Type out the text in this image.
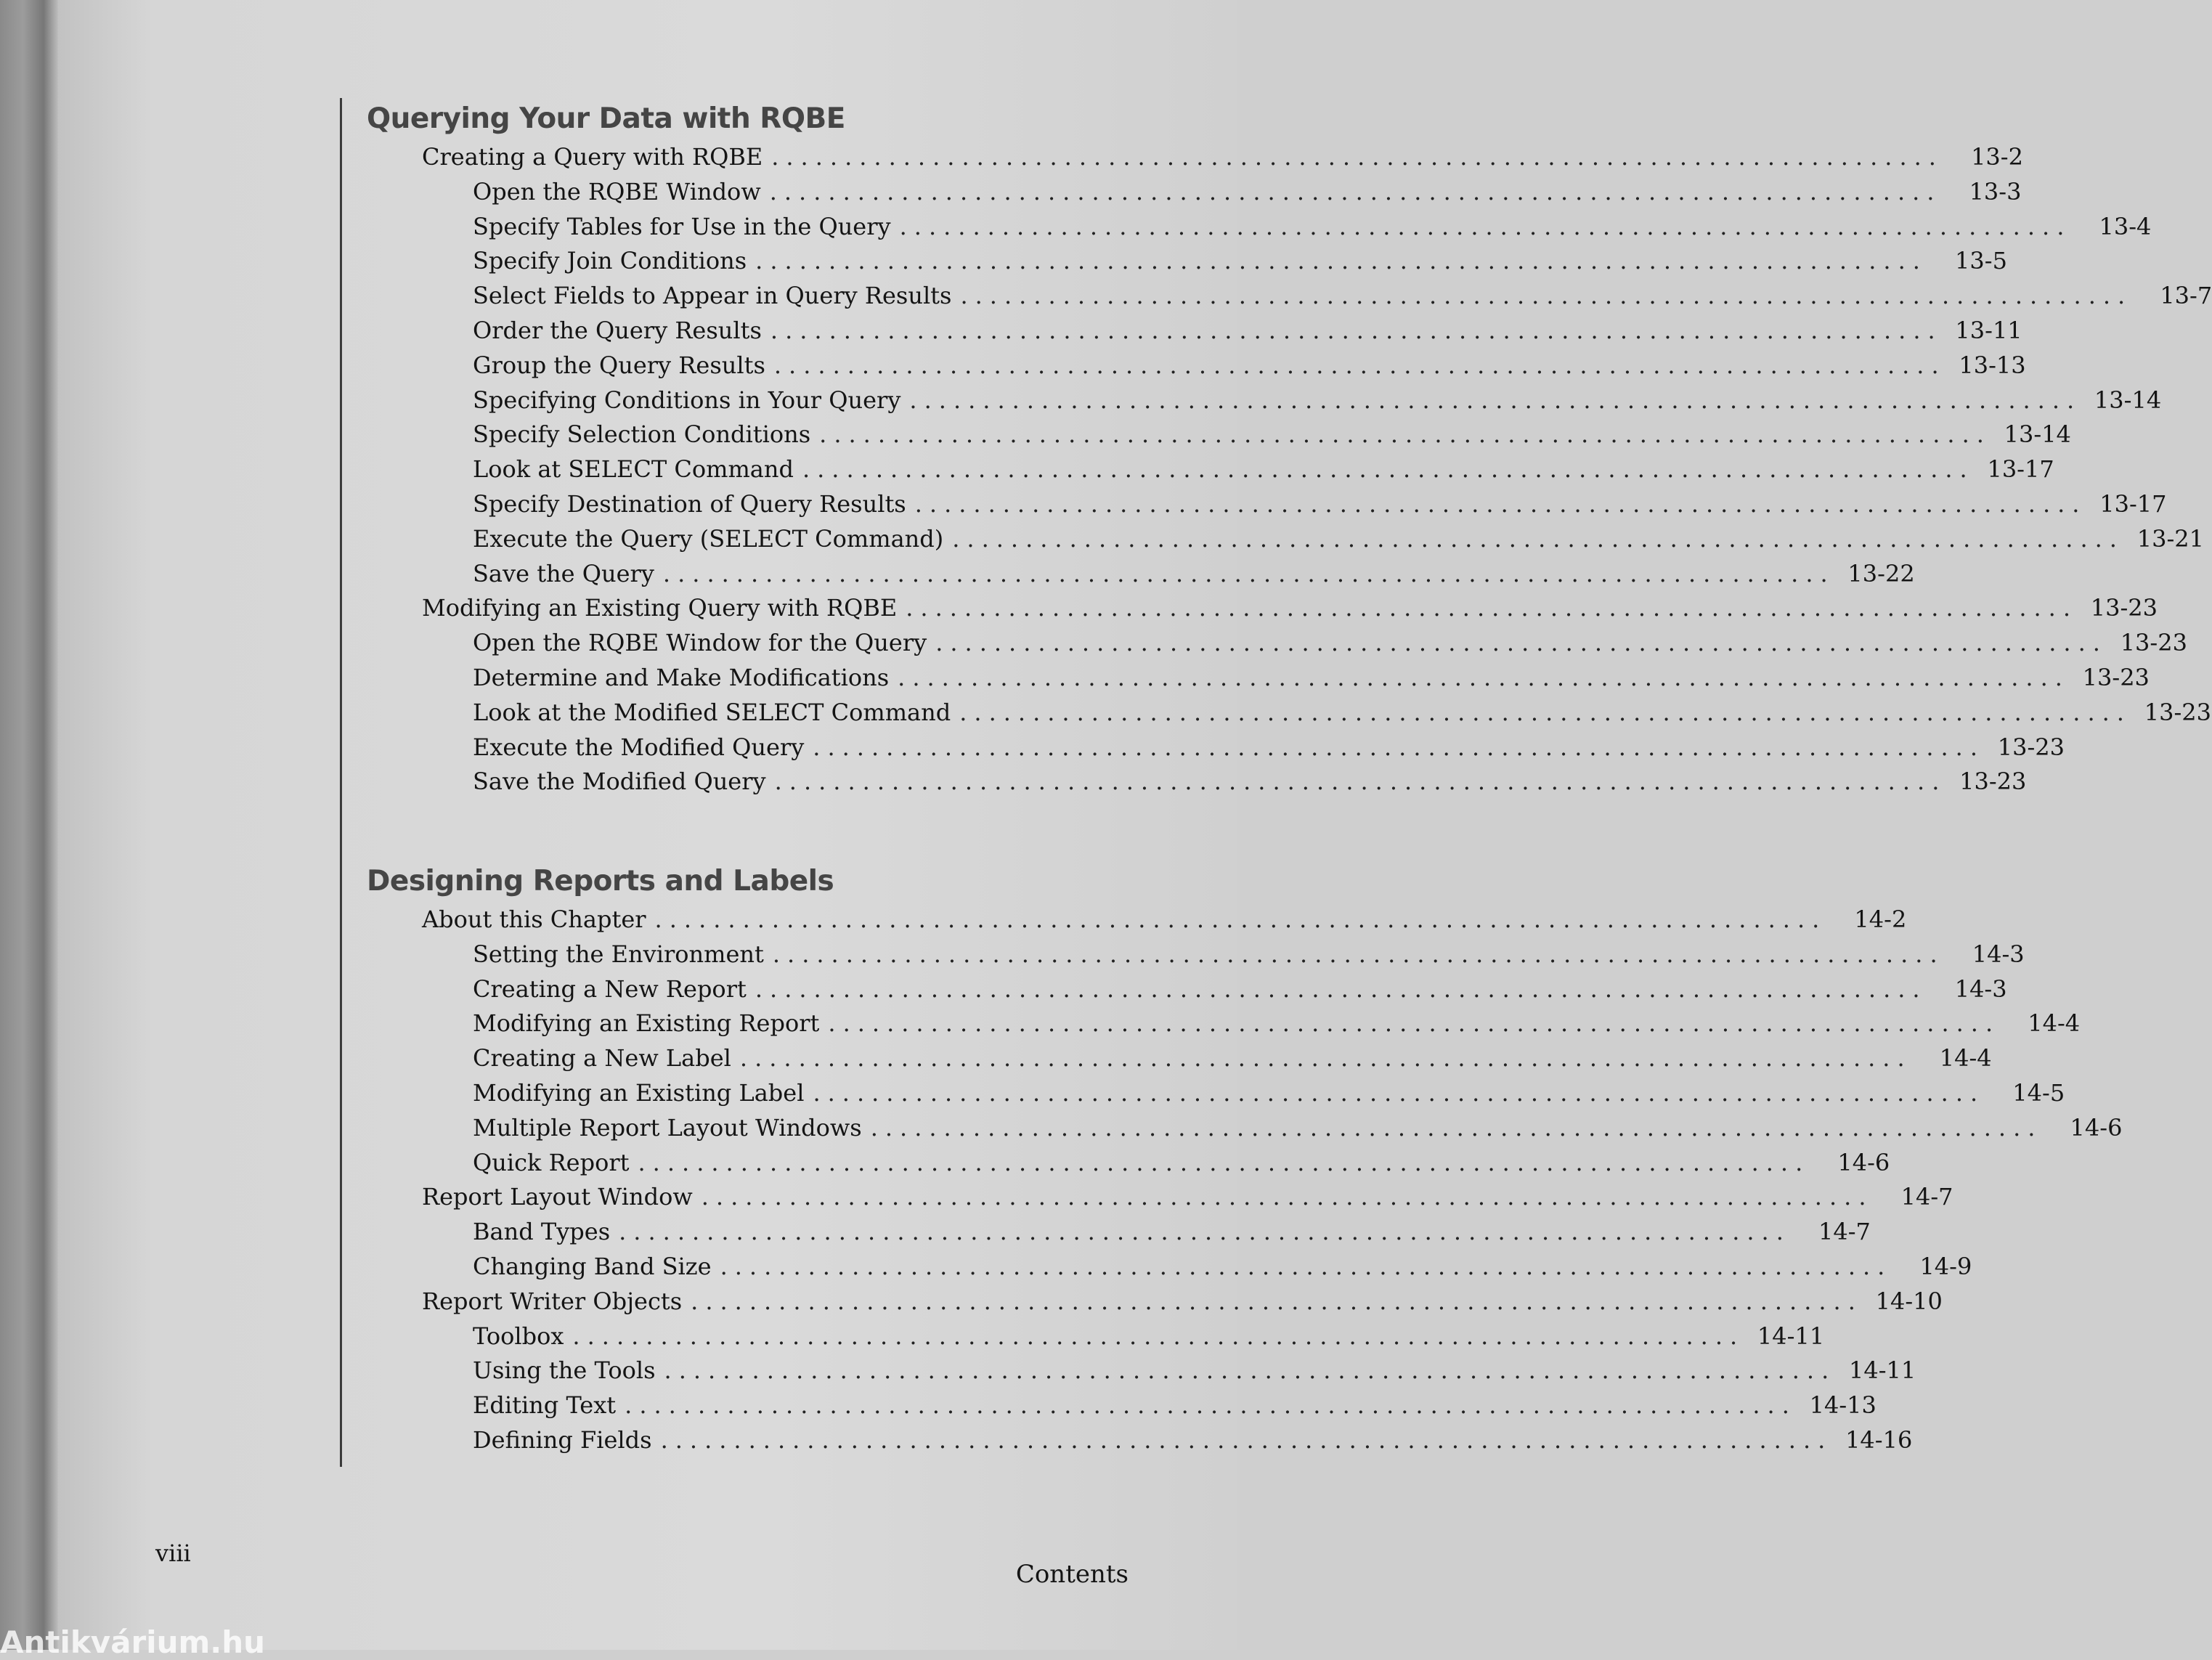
Querying Your Data with RQBE
Creating a Query with RQBE ................................................................................	13-2
Open the RQBE Window ................................................................................	13-3
Specify Tables for Use in the Query ................................................................................	13-4
Specify Join Conditions ................................................................................	13-5
Select Fields to Appear in Query Results ................................................................................	13-7
Order the Query Results ................................................................................ 13-11
Group the Query Results ................................................................................ 13-13
Specifying Conditions in Your Query ................................................................................ 13-14
Specify Selection Conditions ................................................................................ 13-14
Look at SELECT Command ................................................................................ 13-17
Specify Destination of Query Results ................................................................................ 13-17
Execute the Query (SELECT Command) ................................................................................ 13-21
Save the Query ................................................................................ 13-22
Modifying an Existing Query with RQBE ................................................................................ 13-23
Open the RQBE Window for the Query ................................................................................ 13-23
Determine and Make Modifications ................................................................................ 13-23
Look at the Modified SELECT Command ................................................................................ 13-23
Execute the Modified Query ................................................................................ 13-23
Save the Modified Query ................................................................................ 13-23
Designing Reports and Labels
About this Chapter ................................................................................	14-2
Setting the Environment ................................................................................	14-3
Creating a New Report ................................................................................	14-3
Modifying an Existing Report ................................................................................	14-4
Creating a New Label ................................................................................	14-4
Modifying an Existing Label ................................................................................	14-5
Multiple Report Layout Windows ................................................................................	14-6
Quick Report ................................................................................	14-6
Report Layout Window ................................................................................	14-7
Band Types ................................................................................	14-7
Changing Band Size ................................................................................	14-9
Report Writer Objects ................................................................................ 14-10
Toolbox ................................................................................ 14-11
Using the Tools ................................................................................ 14-11
Editing Text ................................................................................ 14-13
Defining Fields ................................................................................ 14-16
viii
Contents
Antikvárium.hu
